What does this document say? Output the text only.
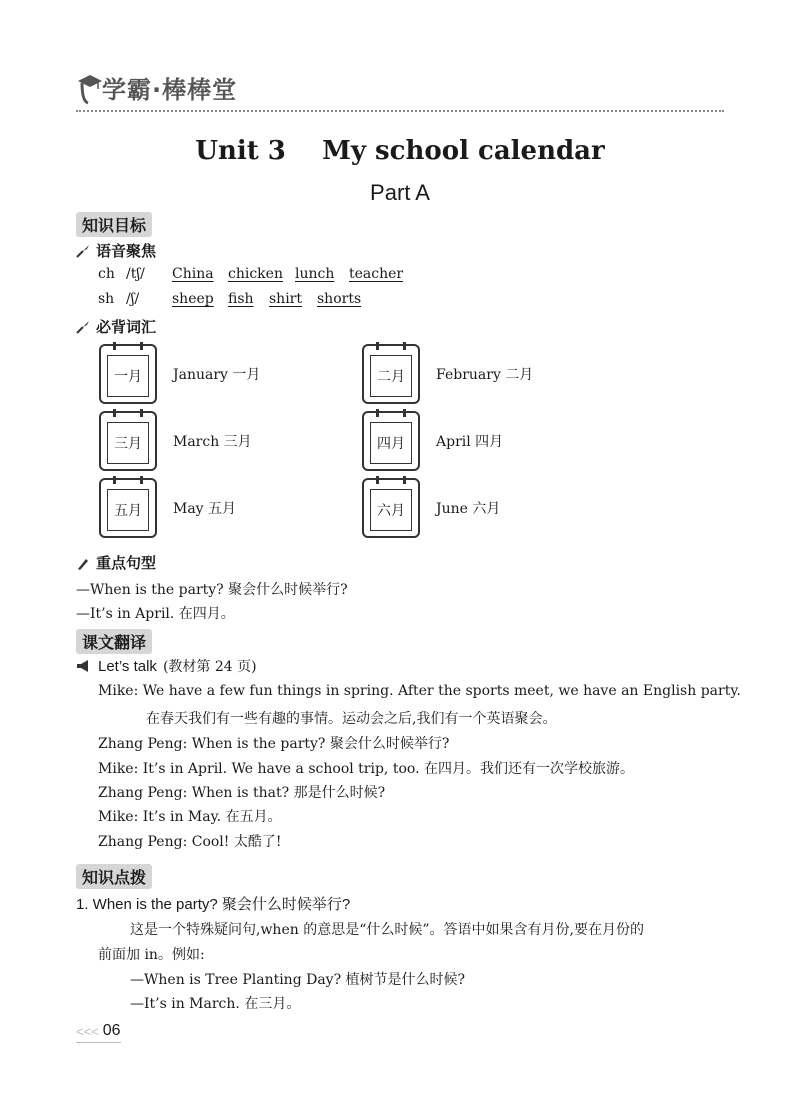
学霸·棒棒堂
Unit 3    My school calendar
Part A
知识目标
语音聚焦
ch /tʃ/	China	chicken lunch	teacher
sh /ʃ/	sheep	fish	shirt	shorts
必背词汇
一月	January 一月	二月	February 二月
三月	March 三月	四月	April 四月
五月	May 五月	六月	June 六月
重点句型
—When is the party? 聚会什么时候举行?
—It’s in April. 在四月。
课文翻译
Let’s talk (教材第 24 页)
Mike: We have a few fun things in spring. After the sports meet, we have an English party.
在春天我们有一些有趣的事情。运动会之后,我们有一个英语聚会。
Zhang Peng: When is the party? 聚会什么时候举行?
Mike: It’s in April. We have a school trip, too. 在四月。我们还有一次学校旅游。
Zhang Peng: When is that? 那是什么时候?
Mike: It’s in May. 在五月。
Zhang Peng: Cool! 太酷了!
知识点拨
1. When is the party? 聚会什么时候举行?
这是一个特殊疑问句,when 的意思是“什么时候”。答语中如果含有月份,要在月份的
前面加 in。例如:
—When is Tree Planting Day? 植树节是什么时候?
—It’s in March. 在三月。
<<< 06
